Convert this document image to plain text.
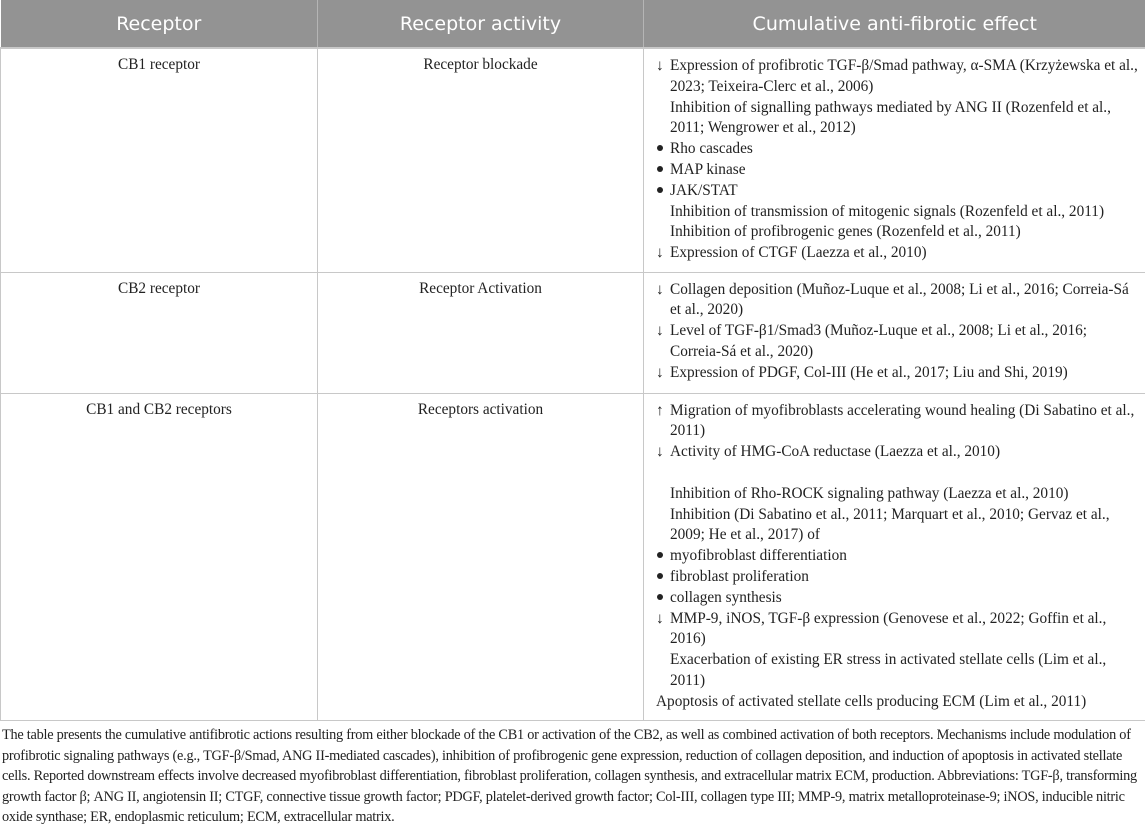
Receptor	Receptor activity	Cumulative anti-fibrotic effect
CB1 receptor	Receptor blockade	↓ Expression of profibrotic TGF-β/Smad pathway, α-SMA (Krzyżewska et al., 2023; Teixeira-Clerc et al., 2006)
Inhibition of signalling pathways mediated by ANG II (Rozenfeld et al., 2011; Wengrower et al., 2012)
Rho cascades
MAP kinase
JAK/STAT
Inhibition of transmission of mitogenic signals (Rozenfeld et al., 2011)
Inhibition of profibrogenic genes (Rozenfeld et al., 2011)
↓ Expression of CTGF (Laezza et al., 2010)

CB2 receptor	Receptor Activation	↓ Collagen deposition (Muñoz-Luque et al., 2008; Li et al., 2016; Correia-Sá et al., 2020)
↓ Level of TGF-β1/Smad3 (Muñoz-Luque et al., 2008; Li et al., 2016; Correia-Sá et al., 2020)
↓ Expression of PDGF, Col-III (He et al., 2017; Liu and Shi, 2019)

CB1 and CB2 receptors	Receptors activation	↑ Migration of myofibroblasts accelerating wound healing (Di Sabatino et al., 2011)
↓ Activity of HMG-CoA reductase (Laezza et al., 2010)
Inhibition of Rho-ROCK signaling pathway (Laezza et al., 2010)
Inhibition (Di Sabatino et al., 2011; Marquart et al., 2010; Gervaz et al., 2009; He et al., 2017) of
myofibroblast differentiation
fibroblast proliferation
collagen synthesis
↓ MMP-9, iNOS, TGF-β expression (Genovese et al., 2022; Goffin et al., 2016)
Exacerbation of existing ER stress in activated stellate cells (Lim et al., 2011)
Apoptosis of activated stellate cells producing ECM (Lim et al., 2011)
The table presents the cumulative antifibrotic actions resulting from either blockade of the CB1 or activation of the CB2, as well as combined activation of both receptors. Mechanisms include modulation of profibrotic signaling pathways (e.g., TGF-β/Smad, ANG II-mediated cascades), inhibition of profibrogenic gene expression, reduction of collagen deposition, and induction of apoptosis in activated stellate cells. Reported downstream effects involve decreased myofibroblast differentiation, fibroblast proliferation, collagen synthesis, and extracellular matrix ECM, production. Abbreviations: TGF-β, transforming growth factor β; ANG II, angiotensin II; CTGF, connective tissue growth factor; PDGF, platelet-derived growth factor; Col-III, collagen type III; MMP-9, matrix metalloproteinase-9; iNOS, inducible nitric oxide synthase; ER, endoplasmic reticulum; ECM, extracellular matrix.
